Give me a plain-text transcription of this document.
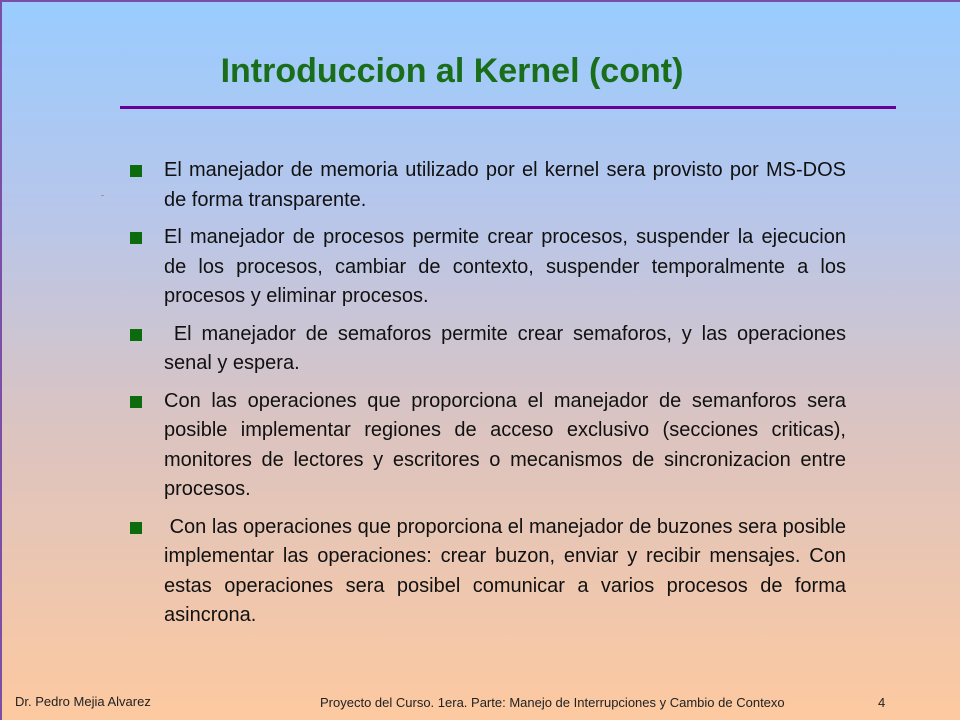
Introduccion al Kernel (cont)
El manejador de memoria utilizado por el kernel sera provisto por MS-DOS de forma transparente.
El manejador de procesos permite crear procesos, suspender la ejecucion de los procesos, cambiar de contexto, suspender temporalmente a los procesos y eliminar procesos.
El manejador de semaforos permite crear semaforos, y las operaciones senal y espera.
Con las operaciones que proporciona el manejador de semanforos sera posible implementar regiones de acceso exclusivo (secciones criticas), monitores de lectores y escritores o mecanismos de sincronizacion entre procesos.
Con las operaciones que proporciona el manejador de buzones sera posible implementar las operaciones: crear buzon, enviar y recibir mensajes. Con estas operaciones sera posibel comunicar a varios procesos de forma asincrona.
Dr. Pedro Mejia Alvarez	Proyecto del Curso. 1era. Parte: Manejo de Interrupciones y Cambio de Contexo	4
